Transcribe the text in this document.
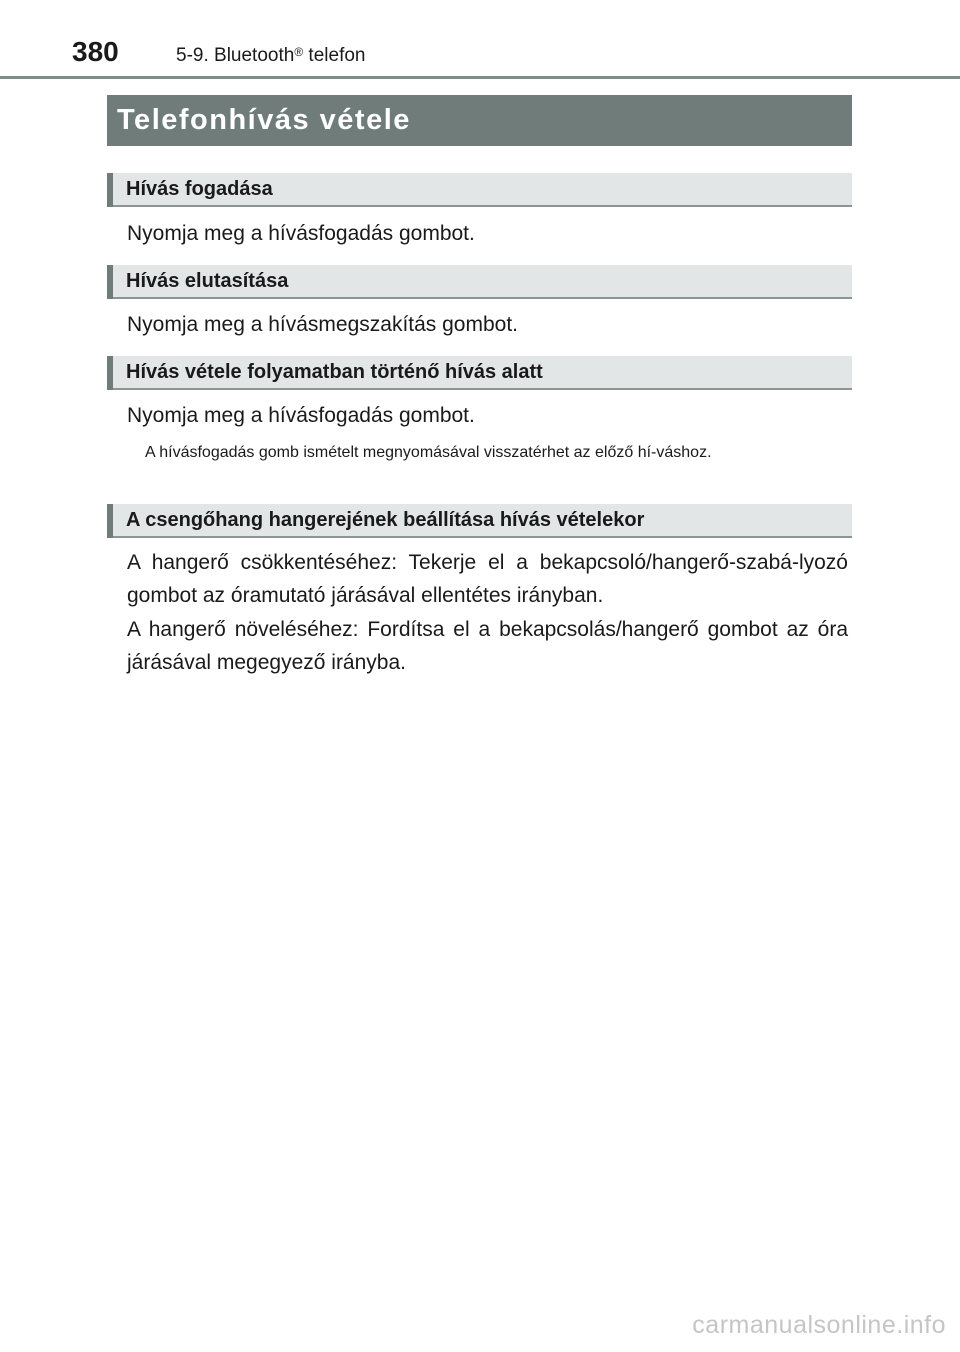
380	5-9. Bluetooth® telefon
Telefonhívás vétele
Hívás fogadása
Nyomja meg a hívásfogadás gombot.
Hívás elutasítása
Nyomja meg a hívásmegszakítás gombot.
Hívás vétele folyamatban történő hívás alatt
Nyomja meg a hívásfogadás gombot.
A hívásfogadás gomb ismételt megnyomásával visszatérhet az előző hí-váshoz.
A csengőhang hangerejének beállítása hívás vételekor
A hangerő csökkentéséhez: Tekerje el a bekapcsoló/hangerő-szabá-lyozó gombot az óramutató járásával ellentétes irányban.
A hangerő növeléséhez: Fordítsa el a bekapcsolás/hangerő gombot az óra járásával megegyező irányba.
carmanualsonline.info
